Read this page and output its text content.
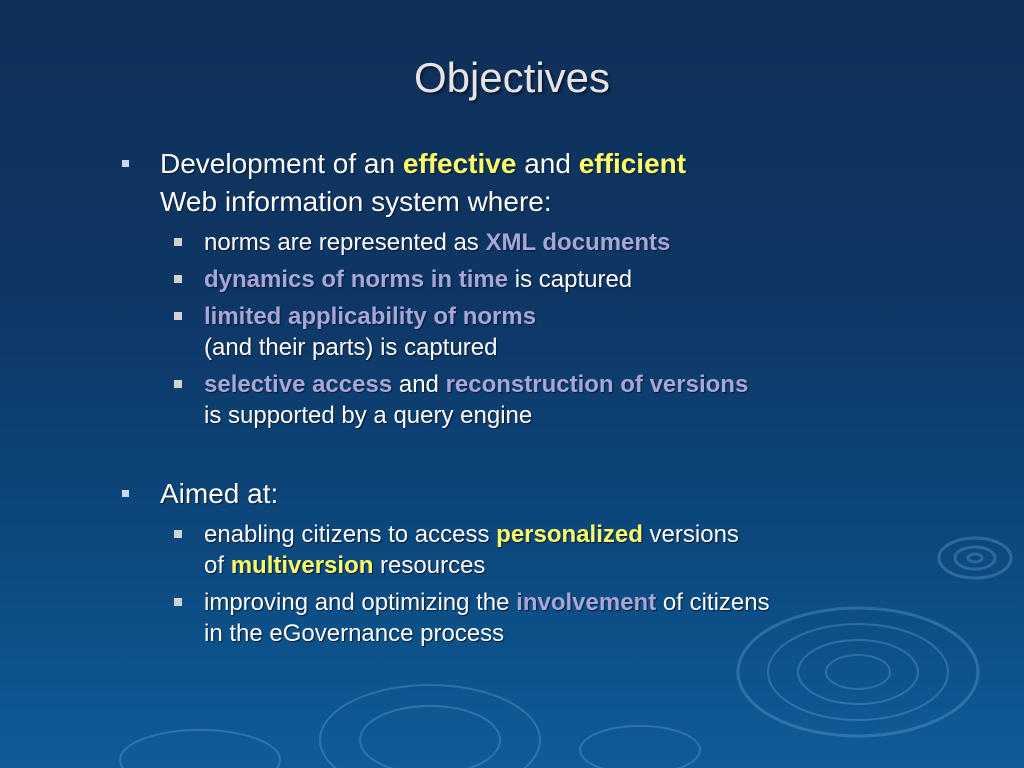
Objectives
Development of an effective and efficient
Web information system where:
norms are represented as XML documents
dynamics of norms in time is captured
limited applicability of norms
(and their parts) is captured
selective access and reconstruction of versions
is supported by a query engine
Aimed at:
enabling citizens to access personalized versions
of multiversion resources
improving and optimizing the involvement of citizens
in the eGovernance process
